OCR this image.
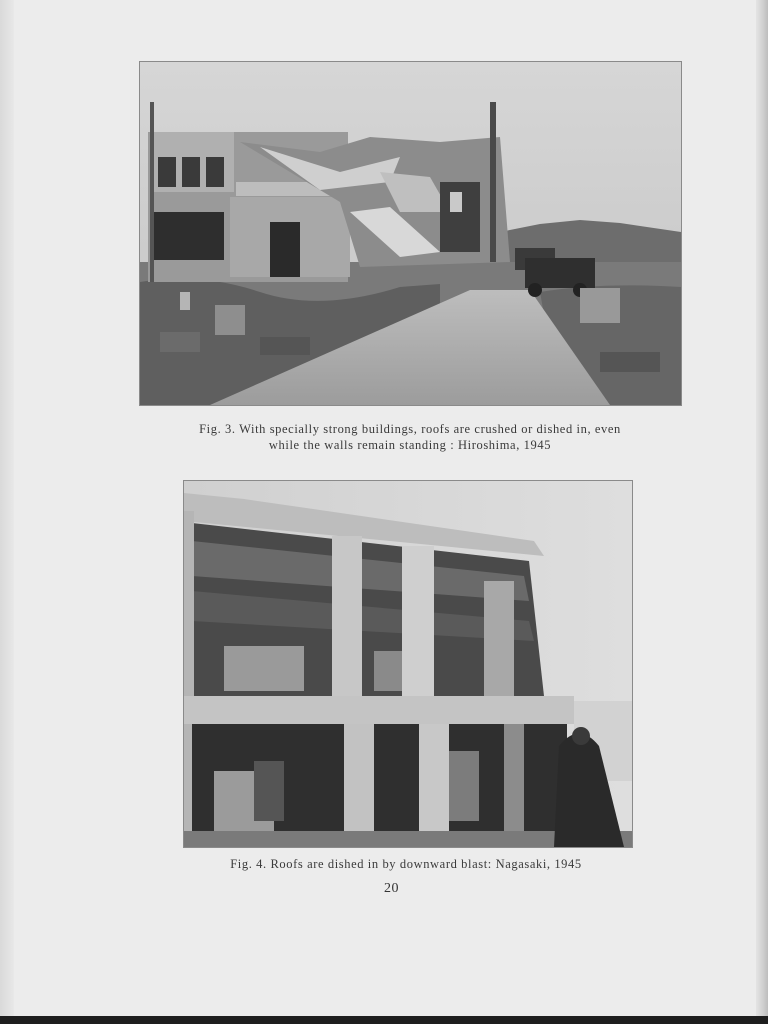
Fig. 3. With specially strong buildings, roofs are crushed or dished in, even
while the walls remain standing : Hiroshima, 1945
Fig. 4. Roofs are dished in by downward blast: Nagasaki, 1945
20
